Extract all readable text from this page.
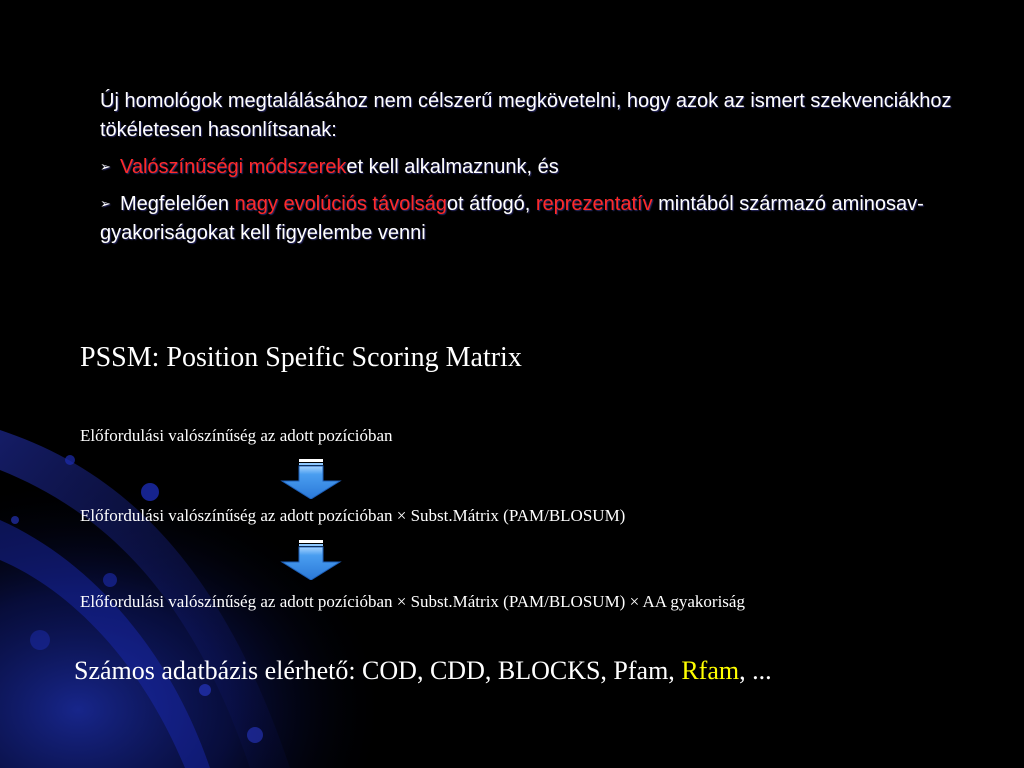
Új homológok megtalálásához nem célszerű megkövetelni, hogy azok az ismert szekvenciákhoz tökéletesen hasonlítsanak:

➢ Valószínűségi módszereket kell alkalmaznunk, és

➢ Megfelelően nagy evolúciós távolságot átfogó, reprezentatív mintából származó aminosav-gyakoriságokat kell figyelembe venni

PSSM: Position Speific Scoring Matrix
Előfordulási valószínűség az adott pozícióban
Előfordulási valószínűség az adott pozícióban × Subst.Mátrix (PAM/BLOSUM)
Előfordulási valószínűség az adott pozícióban × Subst.Mátrix (PAM/BLOSUM) × AA gyakoriság
Számos adatbázis elérhető: COD, CDD, BLOCKS, Pfam, Rfam, ...
